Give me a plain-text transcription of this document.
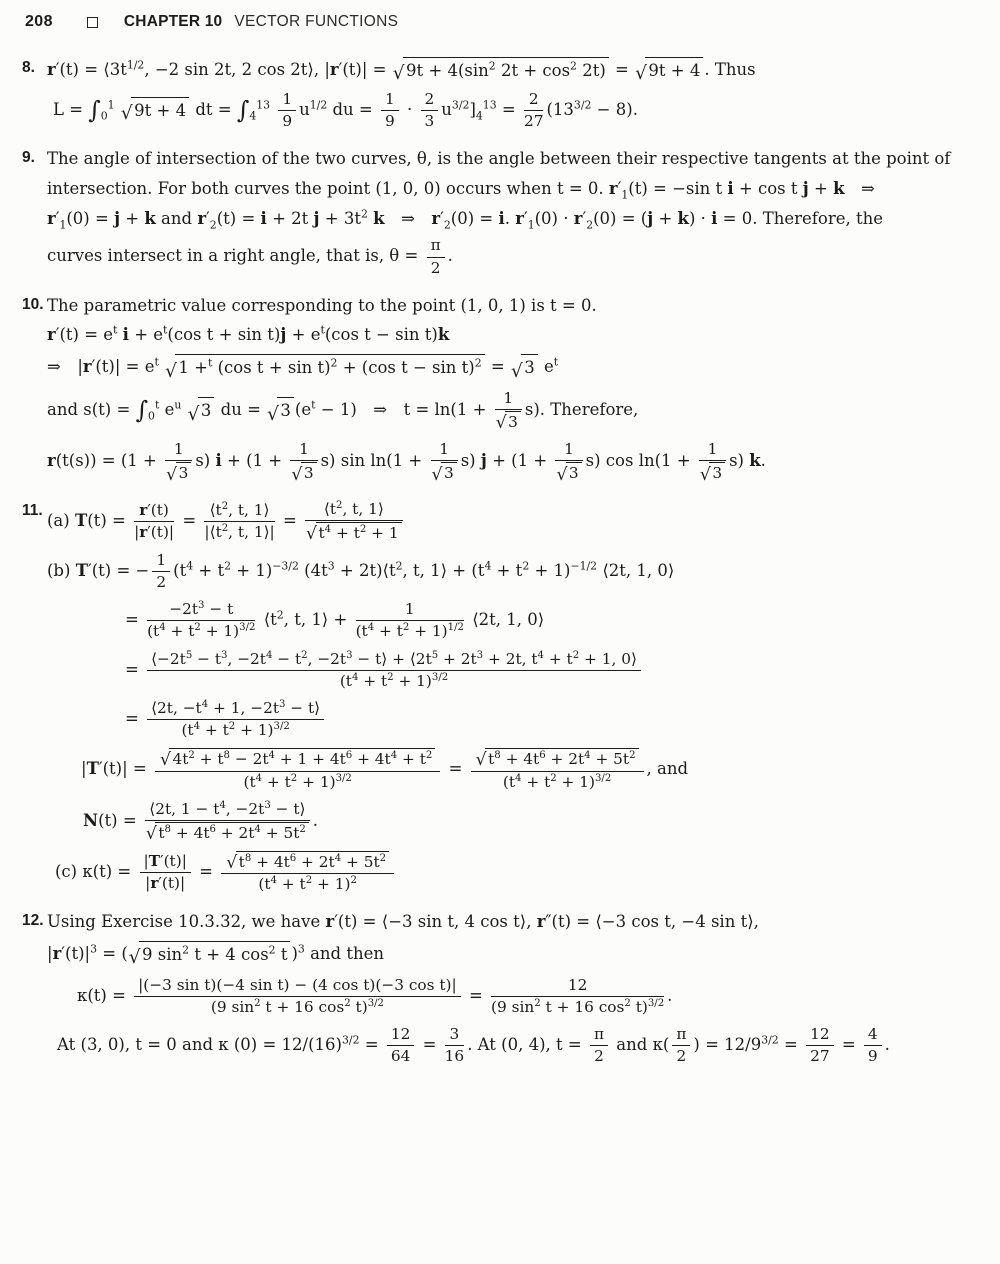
208	CHAPTER 10 VECTOR FUNCTIONS
8. $r'(t) = ⟨3t^{1/2}$, −2 sin 2t, 2 cos 2t⟩, |r′(t)| = √ $9t + 4(\sin^2$ $2t + \cos^2 2t$) = √ 9t + 4 . Thus
$L = \int_0^1$ √ 9t + 4 dt = $\int_4^{13} \frac{1}{9} u^{1/2}$ du = $\frac{1}{9} \cdot \frac{2}{3} u^{3/2}]_4^{13} = \frac{2}{27} (13^{3/2} - 8)$.
9. The angle of intersection of the two curves, θ, is the angle between their respective tangents at the point of
intersection. For both curves the point (1, 0, 0) occurs when t = 0. $r'_1(t) = -\sin$ t i + cos t j + k ⇒
$r'_1(0) = j + k$ and $r'_2(t) = i + 2t$ $j + 3t^2$ k ⇒ $r'_2(0) = i$. $r'_1(0) \cdot r'_2(0) = (j + k) \cdot i = 0$. Therefore, the
curves intersect in a right angle, that is, $\theta = \frac{\pi}{2}$ .
10. The parametric value corresponding to the point (1, 0, 1) is t = 0.
$r'(t) = e^t$ $i + e^t(\cos$ $t + \sin t)j + e^t(\cos$ t − sin t)k
⇒ $|r'(t)| = e^t$ √ 1 +$^t$ (cos t + sin t)$^2$ + (cos t − sin t)$^2$ = √ 3 $e^t$
and $s(t) = \int_0^t$ $e^u$ √ 3 du = √ 3 $(e^t - 1)$ ⇒ $t = \ln(1 + \frac{1}{√ 3} s)$. Therefore,
$r(t(s)) = (1 + \frac{1}{√ 3} s)$ $i + (1 + \frac{1}{√ 3} s)$ $\sin \ln(1 + \frac{1}{√ 3} s)$ $j + (1 + \frac{1}{√ 3} s)$ $\cos \ln(1 + \frac{1}{√ 3} s)$ k.
11.
(a) $T(t) = \frac{r'(t)}{|r'(t)|} = \frac{⟨t^2, t, 1⟩}{|⟨t^2, t, 1⟩|} = \frac{⟨t^2, t, 1⟩}{√ t^4 + t^2 + 1}$
(b) T′(t) = − $\frac{1}{2} (t^4 + t^2 + 1)^{-3/2}$ ($4t^3$ + $2t)⟨t^2$, t, 1⟩ + $(t^4 + t^2 + 1)^{-1/2}$ ⟨2t, 1, 0⟩
= $\frac{-2t^3 - t}{(t^4 + t^2 + 1)^{3/2}}$ $⟨t^2$, t, 1⟩ + $\frac{1}{(t^4 + t^2 + 1)^{1/2}}$ ⟨2t, 1, 0⟩
=
$⟨-2t^5 - t^3$, $-2t^4 - t^2$, $-2t^3$ − t⟩ + $⟨2t^5 + 2t^3 + 2t$, $t^4 + t^2 + 1$, 0⟩
$(t^4 + t^2 + 1)^{3/2}$
= $\frac{⟨2t, -t^4 + 1, -2t^3 - t⟩}{(t^4 + t^2 + 1)^{3/2}}$
$|T'(t)| = \frac{√ 4t^2 + t^8 - 2t^4 + 1 + 4t^6 + 4t^4 + t^2}{(t^4 + t^2 + 1)^{3/2}} = \frac{√ t^8 + 4t^6 + 2t^4 + 5t^2}{(t^4 + t^2 + 1)^{3/2}}$ , and
$N(t) = \frac{⟨2t, 1 - t^4, -2t^3 - t⟩}{√ t^8 + 4t^6 + 2t^4 + 5t^2}$ .
(c) $\kappa(t) = \frac{|T'(t)|}{|r'(t)|} = \frac{√ t^8 + 4t^6 + 2t^4 + 5t^2}{(t^4 + t^2 + 1)^2}$
12. Using Exercise 10.3.32, we have r′(t) = ⟨−3 sin t, 4 cos t⟩, r″(t) = ⟨−3 cos t, −4 sin t⟩,
$|r'(t)|^3$ = ( √ 9 $\sin^2 t + 4$ $\cos^2 t$ )$^3$ and then
$\kappa(t) = \frac{\text{|(−3 sin t)(−4 sin t) − (4 cos t)(−3 cos t)|}}{(9 \sin^2 t + 16 \cos^2 t)^{3/2}} = \frac{12}{(9 \sin^2 t + 16 \cos^2 t)^{3/2}}$ .
At (3, 0), t = 0 and κ $(0) = 12/(16)^{3/2} = \frac{12}{64} = \frac{3}{16}$ . At (0, 4), $t = \frac{\pi}{2}$ and $\kappa( \frac{\pi}{2}$ ) = $12/9^{3/2} = \frac{12}{27} = \frac{4}{9}$ .
